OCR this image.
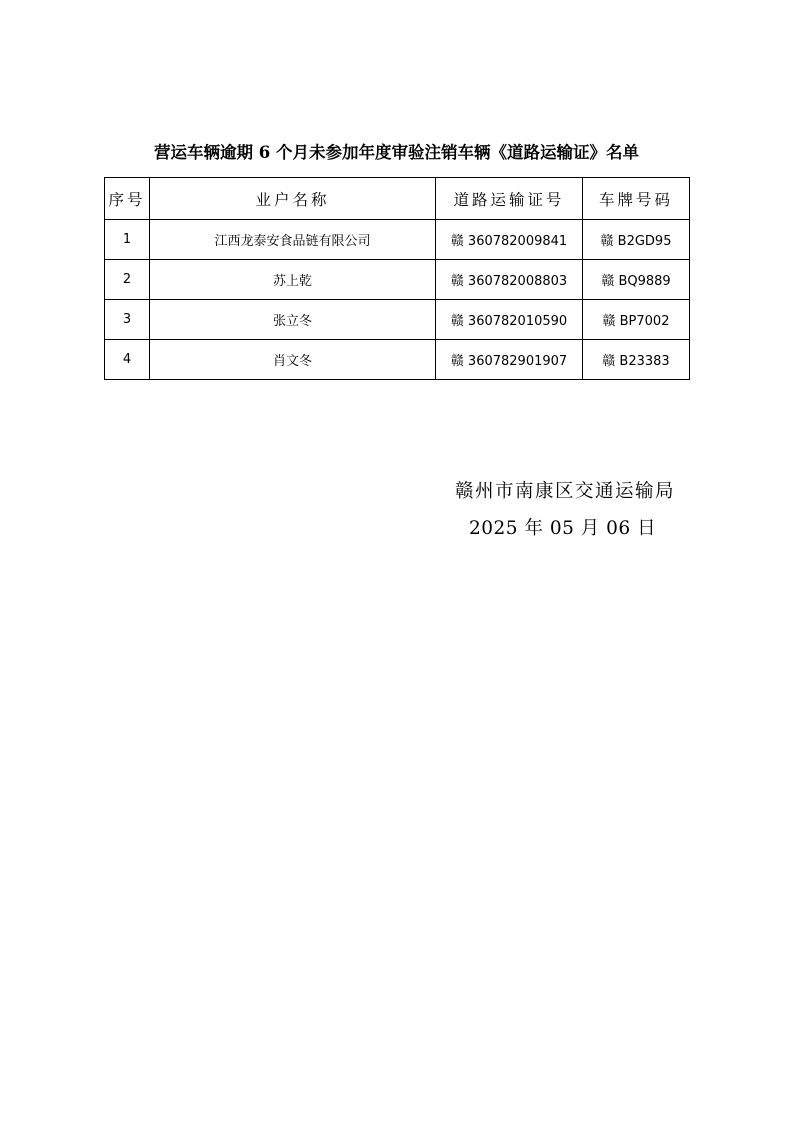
营运车辆逾期 6 个月未参加年度审验注销车辆《道路运输证》名单
序号	业户名称	道路运输证号	车牌号码
1	江西龙泰安食品链有限公司	赣 360782009841	赣 B2GD95
2	苏上乾	赣 360782008803	赣 BQ9889
3	张立冬	赣 360782010590	赣 BP7002
4	肖文冬	赣 360782901907	赣 B23383
赣州市南康区交通运输局
2025 年 05 月 06 日
